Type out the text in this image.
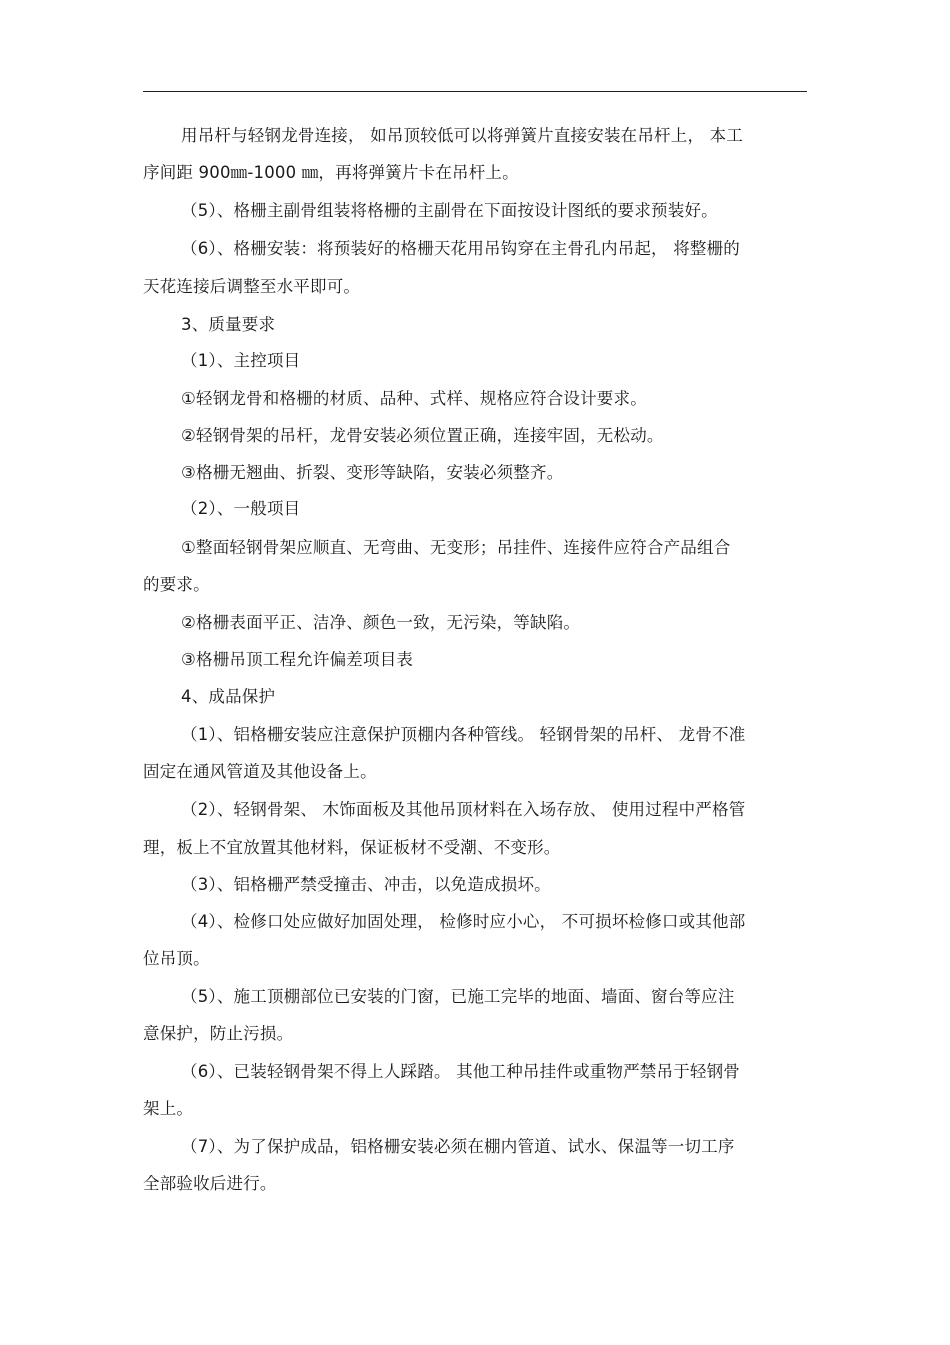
用吊杆与轻钢龙骨连接， 如吊顶较低可以将弹簧片直接安装在吊杆上， 本工
序间距 900㎜-1000 ㎜，再将弹簧片卡在吊杆上。
（5）、格栅主副骨组装将格栅的主副骨在下面按设计图纸的要求预装好。
（6）、格栅安装：将预装好的格栅天花用吊钩穿在主骨孔内吊起， 将整栅的
天花连接后调整至水平即可。
3、质量要求
（1）、主控项目
①轻钢龙骨和格栅的材质、品种、式样、规格应符合设计要求。
②轻钢骨架的吊杆，龙骨安装必须位置正确，连接牢固，无松动。
③格栅无翘曲、折裂、变形等缺陷，安装必须整齐。
（2）、一般项目
①整面轻钢骨架应顺直、无弯曲、无变形；吊挂件、连接件应符合产品组合
的要求。
②格栅表面平正、洁净、颜色一致，无污染，等缺陷。
③格栅吊顶工程允许偏差项目表
4、成品保护
（1）、铝格栅安装应注意保护顶棚内各种管线。 轻钢骨架的吊杆、 龙骨不准
固定在通风管道及其他设备上。
（2）、轻钢骨架、 木饰面板及其他吊顶材料在入场存放、 使用过程中严格管
理，板上不宜放置其他材料，保证板材不受潮、不变形。
（3）、铝格栅严禁受撞击、冲击，以免造成损坏。
（4）、检修口处应做好加固处理， 检修时应小心， 不可损坏检修口或其他部
位吊顶。
（5）、施工顶棚部位已安装的门窗，已施工完毕的地面、墙面、窗台等应注
意保护，防止污损。
（6）、已装轻钢骨架不得上人踩踏。 其他工种吊挂件或重物严禁吊于轻钢骨
架上。
（7）、为了保护成品，铝格栅安装必须在棚内管道、试水、保温等一切工序
全部验收后进行。
